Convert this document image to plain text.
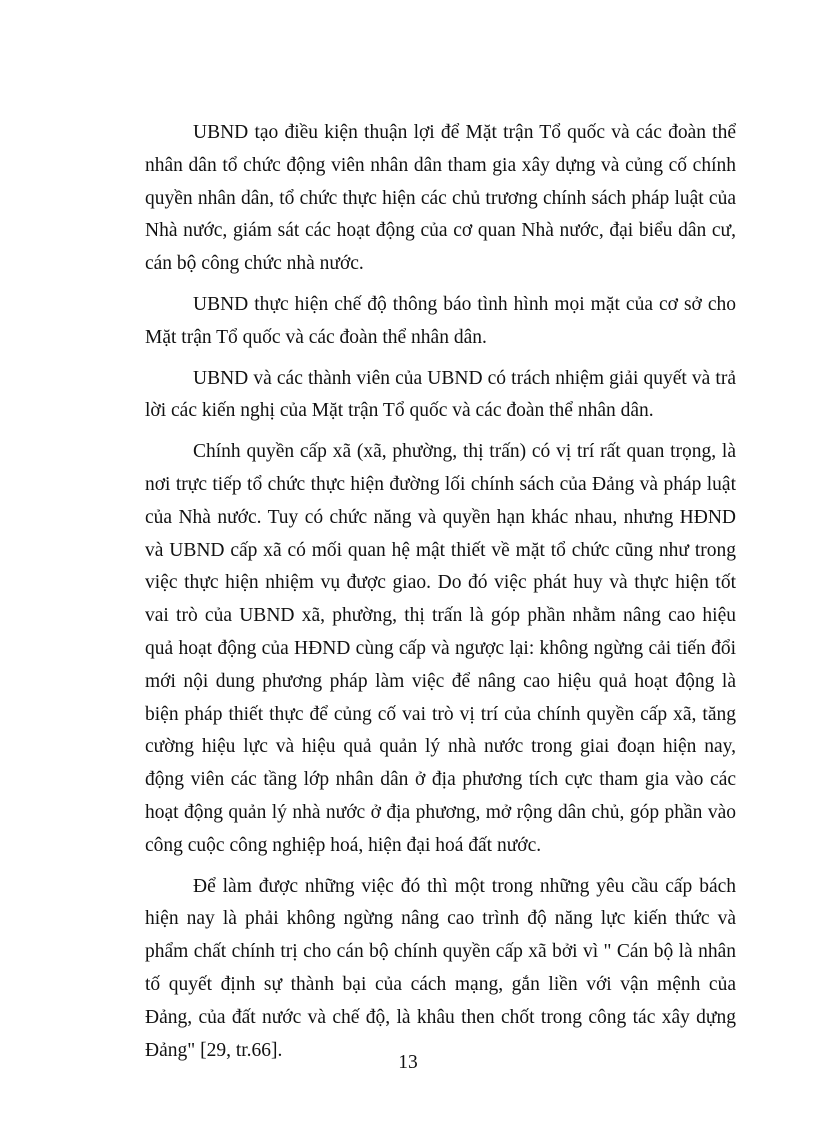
UBND tạo điều kiện thuận lợi để Mặt trận Tổ quốc và các đoàn thể nhân dân tổ chức động viên nhân dân tham gia xây dựng và củng cố chính quyền nhân dân, tổ chức thực hiện các chủ trương chính sách pháp luật của Nhà nước, giám sát các hoạt động của cơ quan Nhà nước, đại biểu dân cư, cán bộ công chức nhà nước.

UBND thực hiện chế độ thông báo tình hình mọi mặt của cơ sở cho Mặt trận Tổ quốc và các đoàn thể nhân dân.

UBND và các thành viên của UBND có trách nhiệm giải quyết và trả lời các kiến nghị của Mặt trận Tổ quốc và các đoàn thể nhân dân.

Chính quyền cấp xã (xã, phường, thị trấn) có vị trí rất quan trọng, là nơi trực tiếp tổ chức thực hiện đường lối chính sách của Đảng và pháp luật của Nhà nước. Tuy có chức năng và quyền hạn khác nhau, nhưng HĐND và UBND cấp xã có mối quan hệ mật thiết về mặt tổ chức cũng như trong việc thực hiện nhiệm vụ được giao. Do đó việc phát huy và thực hiện tốt vai trò của UBND xã, phường, thị trấn là góp phần nhằm nâng cao hiệu quả hoạt động của HĐND cùng cấp và ngược lại: không ngừng cải tiến đổi mới nội dung phương pháp làm việc để nâng cao hiệu quả hoạt động là biện pháp thiết thực để củng cố vai trò vị trí của chính quyền cấp xã, tăng cường hiệu lực và hiệu quả quản lý nhà nước trong giai đoạn hiện nay, động viên các tầng lớp nhân dân ở địa phương tích cực tham gia vào các hoạt động quản lý nhà nước ở địa phương, mở rộng dân chủ, góp phần vào công cuộc công nghiệp hoá, hiện đại hoá đất nước.

Để làm được những việc đó thì một trong những yêu cầu cấp bách hiện nay là phải không ngừng nâng cao trình độ năng lực kiến thức và phẩm chất chính trị cho cán bộ chính quyền cấp xã bởi vì " Cán bộ là nhân tố quyết định sự thành bại của cách mạng, gắn liền với vận mệnh của Đảng, của đất nước và chế độ, là khâu then chốt trong công tác xây dựng Đảng" [29, tr.66].

13
